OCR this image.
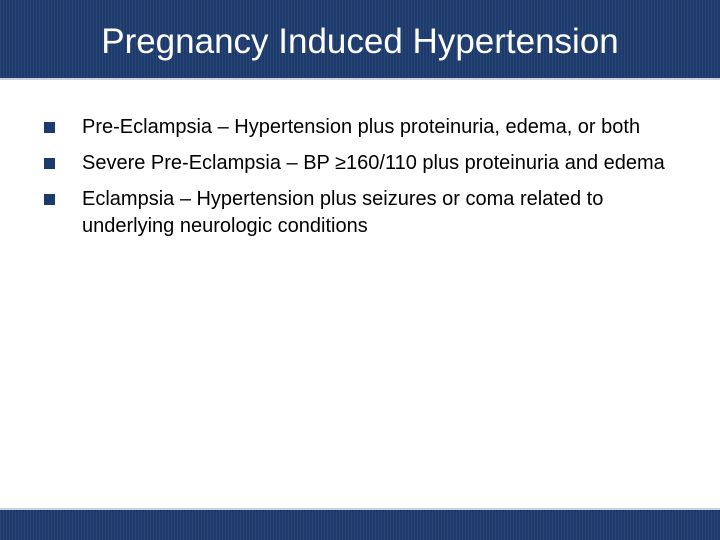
Pregnancy Induced Hypertension
Pre-Eclampsia – Hypertension plus proteinuria, edema, or both
Severe Pre-Eclampsia – BP ≥160/110 plus proteinuria and edema
Eclampsia – Hypertension plus seizures or coma related to underlying neurologic conditions
